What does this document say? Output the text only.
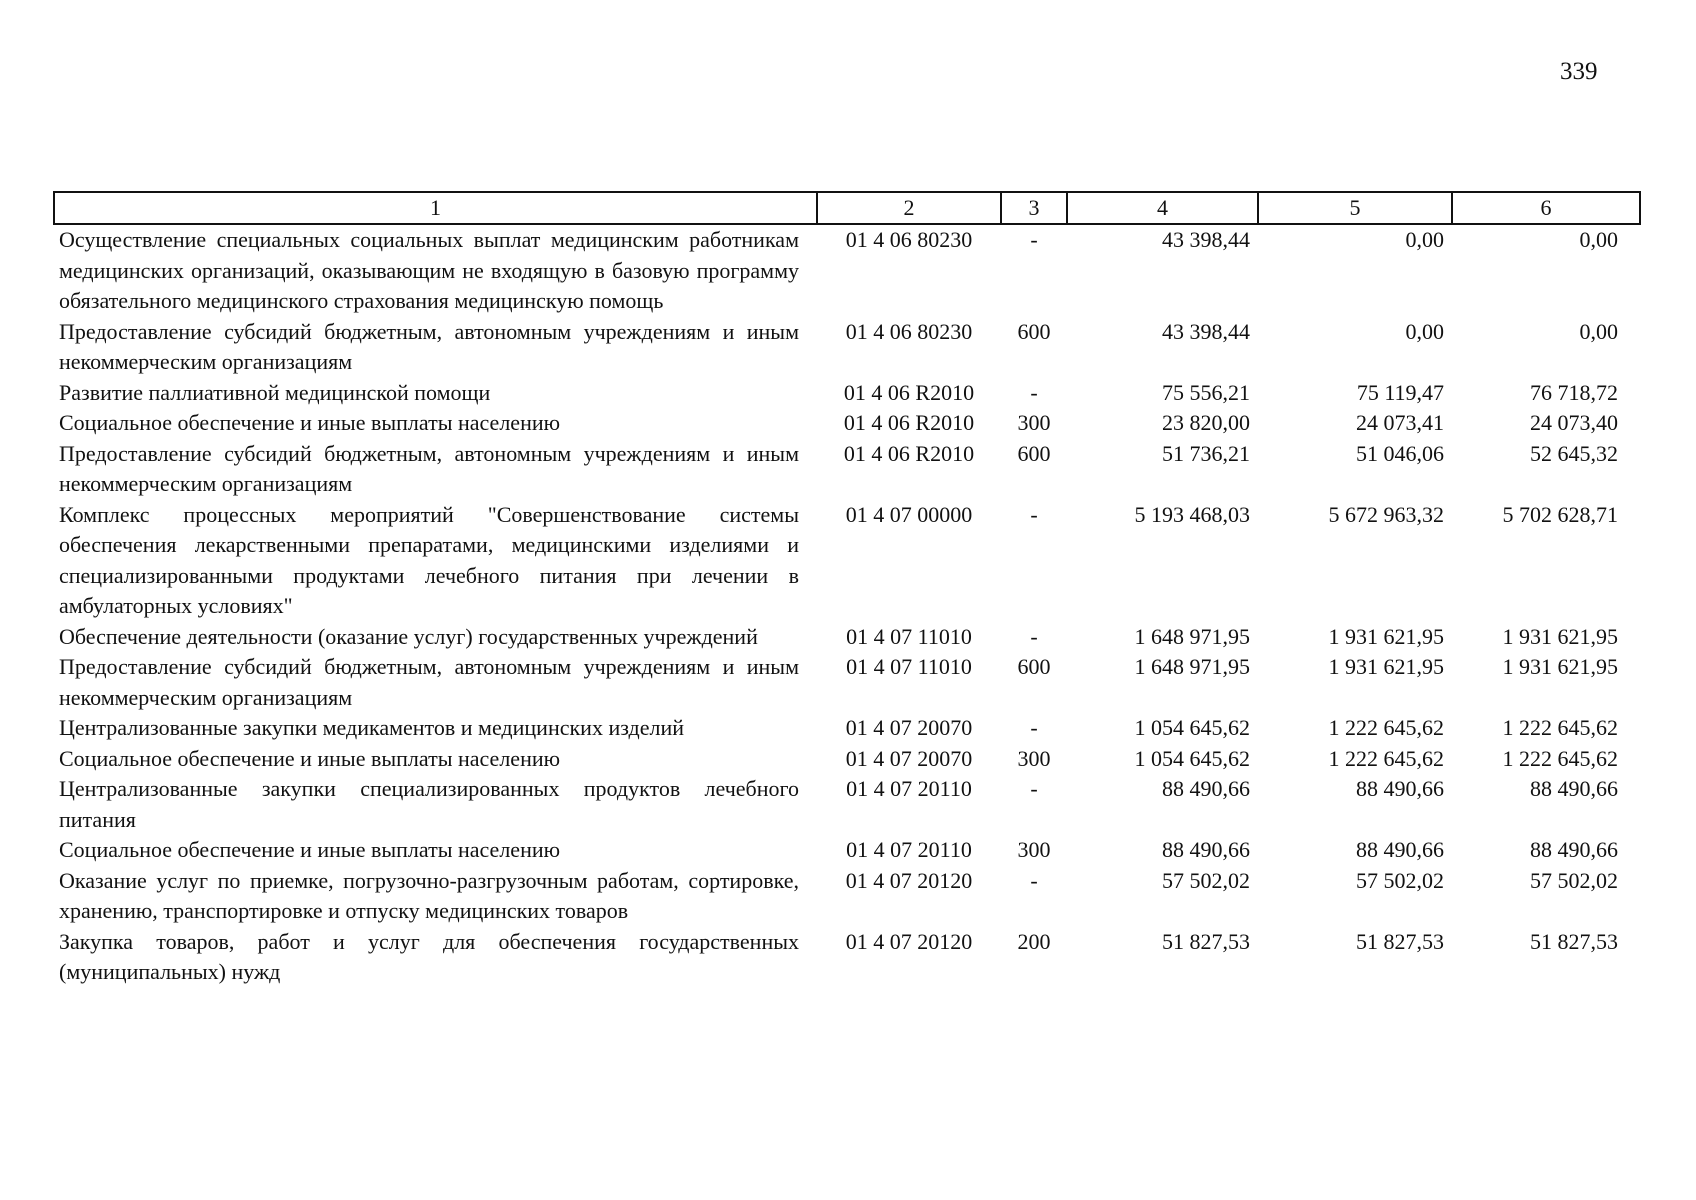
339
1	2	3	4	5	6
Осуществление специальных социальных выплат медицинским работникам медицинских организаций, оказывающим не входящую в базовую программу обязательного медицинского страхования медицинскую помощь	01 4 06 80230	-	43 398,44	0,00	0,00
Предоставление субсидий бюджетным, автономным учреждениям и иным некоммерческим организациям	01 4 06 80230	600	43 398,44	0,00	0,00
Развитие паллиативной медицинской помощи	01 4 06 R2010	-	75 556,21	75 119,47	76 718,72
Социальное обеспечение и иные выплаты населению	01 4 06 R2010	300	23 820,00	24 073,41	24 073,40
Предоставление субсидий бюджетным, автономным учреждениям и иным некоммерческим организациям	01 4 06 R2010	600	51 736,21	51 046,06	52 645,32
Комплекс процессных мероприятий "Совершенствование системы обеспечения лекарственными препаратами, медицинскими изделиями и специализированными продуктами лечебного питания при лечении в амбулаторных условиях"	01 4 07 00000	-	5 193 468,03	5 672 963,32	5 702 628,71
Обеспечение деятельности (оказание услуг) государственных учреждений	01 4 07 11010	-	1 648 971,95	1 931 621,95	1 931 621,95
Предоставление субсидий бюджетным, автономным учреждениям и иным некоммерческим организациям	01 4 07 11010	600	1 648 971,95	1 931 621,95	1 931 621,95
Централизованные закупки медикаментов и медицинских изделий	01 4 07 20070	-	1 054 645,62	1 222 645,62	1 222 645,62
Социальное обеспечение и иные выплаты населению	01 4 07 20070	300	1 054 645,62	1 222 645,62	1 222 645,62
Централизованные закупки специализированных продуктов лечебного питания	01 4 07 20110	-	88 490,66	88 490,66	88 490,66
Социальное обеспечение и иные выплаты населению	01 4 07 20110	300	88 490,66	88 490,66	88 490,66
Оказание услуг по приемке, погрузочно-разгрузочным работам, сортировке, хранению, транспортировке и отпуску медицинских товаров	01 4 07 20120	-	57 502,02	57 502,02	57 502,02
Закупка товаров, работ и услуг для обеспечения государственных (муниципальных) нужд	01 4 07 20120	200	51 827,53	51 827,53	51 827,53
